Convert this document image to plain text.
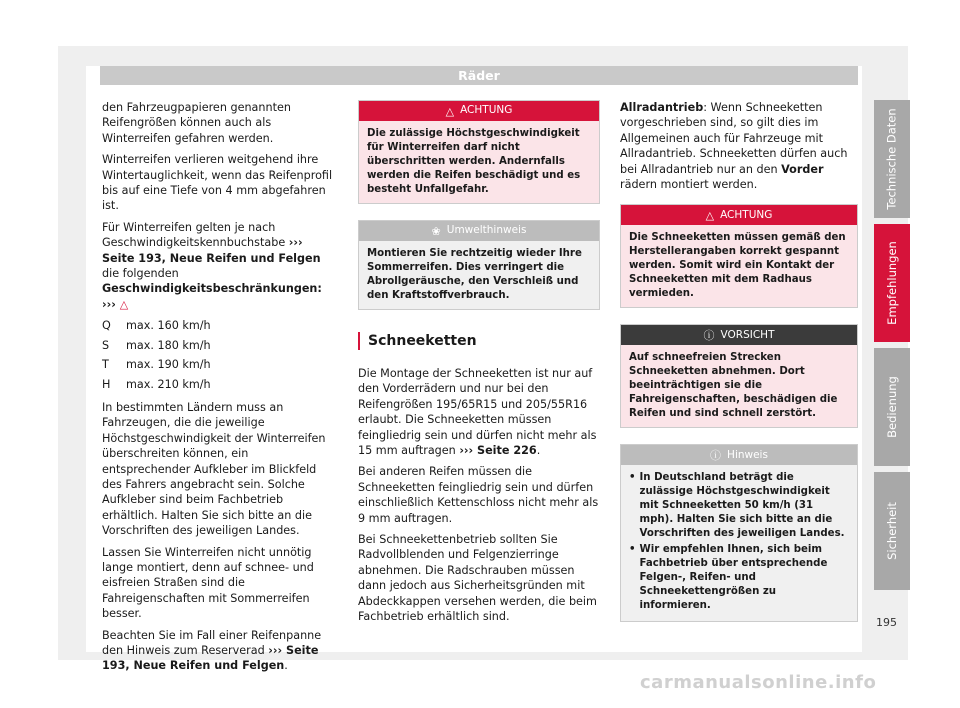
Räder

den Fahrzeugpapieren genannten Reifengrößen können auch als Winterreifen gefahren werden.

Winterreifen verlieren weitgehend ihre Wintertauglichkeit, wenn das Reifenprofil bis auf eine Tiefe von 4 mm abgefahren ist.

Für Winterreifen gelten je nach Geschwindigkeitskennbuchstabe ››› Seite 193, Neue Reifen und Felgen die folgenden Geschwindigkeitsbeschränkungen: ››› △

Q	max. 160 km/h
S	max. 180 km/h
T	max. 190 km/h
H	max. 210 km/h

In bestimmten Ländern muss an Fahrzeugen, die die jeweilige Höchstgeschwindigkeit der Winterreifen überschreiten können, ein entsprechender Aufkleber im Blickfeld des Fahrers angebracht sein. Solche Aufkleber sind beim Fachbetrieb erhältlich. Halten Sie sich bitte an die Vorschriften des jeweiligen Landes.

Lassen Sie Winterreifen nicht unnötig lange montiert, denn auf schnee- und eisfreien Straßen sind die Fahreigenschaften mit Sommerreifen besser.

Beachten Sie im Fall einer Reifenpanne den Hinweis zum Reserverad ››› Seite 193, Neue Reifen und Felgen.

△ ACHTUNG
Die zulässige Höchstgeschwindigkeit für Winterreifen darf nicht überschritten werden. Andernfalls werden die Reifen beschädigt und es besteht Unfallgefahr.
❀ Umwelthinweis
Montieren Sie rechtzeitig wieder Ihre Sommerreifen. Dies verringert die Abrollgeräusche, den Verschleiß und den Kraftstoffverbrauch.
Schneeketten

Die Montage der Schneeketten ist nur auf den Vorderrädern und nur bei den Reifengrößen 195/65R15 und 205/55R16 erlaubt. Die Schneeketten müssen feingliedrig sein und dürfen nicht mehr als 15 mm auftragen ››› Seite 226.

Bei anderen Reifen müssen die Schneeketten feingliedrig sein und dürfen einschließlich Kettenschloss nicht mehr als 9 mm auftragen.

Bei Schneekettenbetrieb sollten Sie Radvollblenden und Felgenzierringe abnehmen. Die Radschrauben müssen dann jedoch aus Sicherheitsgründen mit Abdeckkappen versehen werden, die beim Fachbetrieb erhältlich sind.

Allradantrieb: Wenn Schneeketten vorgeschrieben sind, so gilt dies im Allgemeinen auch für Fahrzeuge mit Allradantrieb. Schneeketten dürfen auch bei Allradantrieb nur an den Vorder rädern montiert werden.

△ ACHTUNG
Die Schneeketten müssen gemäß den Herstellerangaben korrekt gespannt werden. Somit wird ein Kontakt der Schneeketten mit dem Radhaus vermieden.
ⓘ VORSICHT
Auf schneefreien Strecken Schneeketten abnehmen. Dort beeinträchtigen sie die Fahreigenschaften, beschädigen die Reifen und sind schnell zerstört.
ⓘ Hinweis
• In Deutschland beträgt die zulässige Höchstgeschwindigkeit mit Schneeketten 50 km/h (31 mph). Halten Sie sich bitte an die Vorschriften des jeweiligen Landes.
• Wir empfehlen Ihnen, sich beim Fachbetrieb über entsprechende Felgen-, Reifen- und Schneekettengrößen zu informieren.
Technische Daten
Empfehlungen
Bedienung
Sicherheit
195
carmanualsonline.info
